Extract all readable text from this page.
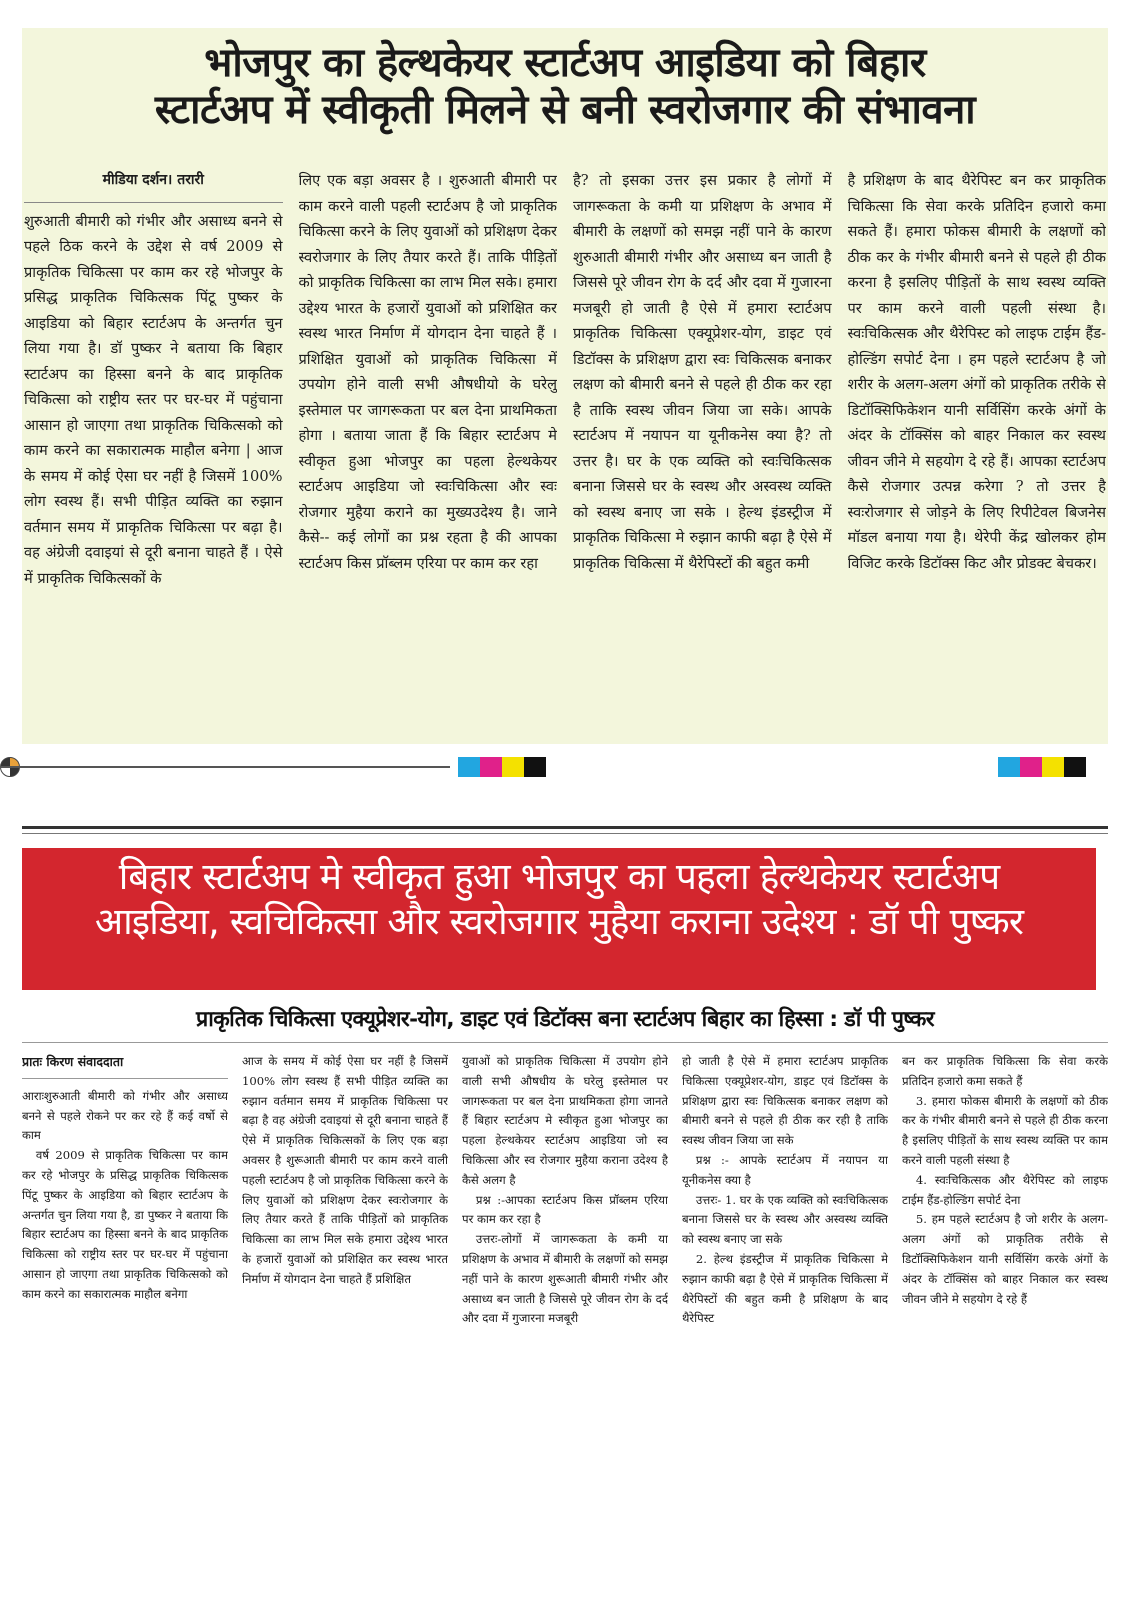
भोजपुर का हेल्थकेयर स्टार्टअप आइडिया को बिहार
स्टार्टअप में स्वीकृती मिलने से बनी स्वरोजगार की संभावना
मीडिया दर्शन। तरारी

शुरुआती बीमारी को गंभीर और असाध्य बनने से पहले ठिक करने के उद्देश से वर्ष 2009 से प्राकृतिक चिकित्सा पर काम कर रहे भोजपुर के प्रसिद्ध प्राकृतिक चिकित्सक पिंटू पुष्कर के आइडिया को बिहार स्टार्टअप के अन्तर्गत चुन लिया गया है। डॉ पुष्कर ने बताया कि बिहार स्टार्टअप का हिस्सा बनने के बाद प्राकृतिक चिकित्सा को राष्ट्रीय स्तर पर घर-घर में पहुंचाना आसान हो जाएगा तथा प्राकृतिक चिकित्सको को काम करने का सकारात्मक माहौल बनेगा | आज के समय में कोई ऐसा घर नहीं है जिसमें 100% लोग स्वस्थ हैं। सभी पीड़ित व्यक्ति का रुझान वर्तमान समय में प्राकृतिक चिकित्सा पर बढ़ा है। वह अंग्रेजी दवाइयां से दूरी बनाना चाहते हैं । ऐसे में प्राकृतिक चिकित्सकों के

लिए एक बड़ा अवसर है । शुरुआती बीमारी पर काम करने वाली पहली स्टार्टअप है जो प्राकृतिक चिकित्सा करने के लिए युवाओं को प्रशिक्षण देकर स्वरोजगार के लिए तैयार करते हैं। ताकि पीड़ितों को प्राकृतिक चिकित्सा का लाभ मिल सके। हमारा उद्देश्य भारत के हजारों युवाओं को प्रशिक्षित कर स्वस्थ भारत निर्माण में योगदान देना चाहते हैं । प्रशिक्षित युवाओं को प्राकृतिक चिकित्सा में उपयोग होने वाली सभी औषधीयो के घरेलु इस्तेमाल पर जागरूकता पर बल देना प्राथमिकता होगा । बताया जाता हैं कि बिहार स्टार्टअप मे स्वीकृत हुआ भोजपुर का पहला हेल्थकेयर स्टार्टअप आइडिया जो स्वःचिकित्सा और स्वः रोजगार मुहैया कराने का मुख्यउदेश्य है। जाने कैसे-- कई लोगों का प्रश्न रहता है की आपका स्टार्टअप किस प्रॉब्लम एरिया पर काम कर रहा

है? तो इसका उत्तर इस प्रकार है लोगों में जागरूकता के कमी या प्रशिक्षण के अभाव में बीमारी के लक्षणों को समझ नहीं पाने के कारण शुरुआती बीमारी गंभीर और असाध्य बन जाती है जिससे पूरे जीवन रोग के दर्द और दवा में गुजारना मजबूरी हो जाती है ऐसे में हमारा स्टार्टअप प्राकृतिक चिकित्सा एक्यूप्रेशर-योग, डाइट एवं डिटॉक्स के प्रशिक्षण द्वारा स्वः चिकित्सक बनाकर लक्षण को बीमारी बनने से पहले ही ठीक कर रहा है ताकि स्वस्थ जीवन जिया जा सके। आपके स्टार्टअप में नयापन या यूनीकनेस क्या है? तो उत्तर है। घर के एक व्यक्ति को स्वःचिकित्सक बनाना जिससे घर के स्वस्थ और अस्वस्थ व्यक्ति को स्वस्थ बनाए जा सके । हेल्थ इंडस्ट्रीज में प्राकृतिक चिकित्सा मे रुझान काफी बढ़ा है ऐसे में प्राकृतिक चिकित्सा में थैरेपिस्टों की बहुत कमी

है प्रशिक्षण के बाद थैरेपिस्ट बन कर प्राकृतिक चिकित्सा कि सेवा करके प्रतिदिन हजारो कमा सकते हैं। हमारा फोकस बीमारी के लक्षणों को ठीक कर के गंभीर बीमारी बनने से पहले ही ठीक करना है इसलिए पीड़ितों के साथ स्वस्थ व्यक्ति पर काम करने वाली पहली संस्था है। स्वःचिकित्सक और थैरेपिस्ट को लाइफ टाईम हैंड-होल्डिंग सपोर्ट देना । हम पहले स्टार्टअप है जो शरीर के अलग-अलग अंगों को प्राकृतिक तरीके से डिटॉक्सिफिकेशन यानी सर्विसिंग करके अंगों के अंदर के टॉक्सिंस को बाहर निकाल कर स्वस्थ जीवन जीने मे सहयोग दे रहे हैं। आपका स्टार्टअप कैसे रोजगार उत्पन्न करेगा ? तो उत्तर है स्वःरोजगार से जोड़ने के लिए रिपीटेवल बिजनेस मॉडल बनाया गया है। थेरेपी केंद्र खोलकर होम विजिट करके डिटॉक्स किट और प्रोडक्ट बेचकर।

बिहार स्टार्टअप मे स्वीकृत हुआ भोजपुर का पहला हेल्थकेयर स्टार्टअप
आइडिया, स्वचिकित्सा और स्वरोजगार मुहैया कराना उदेश्य : डॉ पी पुष्कर
प्राकृतिक चिकित्सा एक्यूप्रेशर-योग, डाइट एवं डिटॉक्स बना स्टार्टअप बिहार का हिस्सा : डॉ पी पुष्कर
प्रातः किरण संवाददाता

आराःशुरुआती बीमारी को गंभीर और असाध्य बनने से पहले रोकने पर कर रहे हैं कई वर्षो से काम

वर्ष 2009 से प्राकृतिक चिकित्सा पर काम कर रहे भोजपुर के प्रसिद्ध प्राकृतिक चिकित्सक पिंटू पुष्कर के आइडिया को बिहार स्टार्टअप के अन्तर्गत चुन लिया गया है, डा पुष्कर ने बताया कि बिहार स्टार्टअप का हिस्सा बनने के बाद प्राकृतिक चिकित्सा को राष्ट्रीय स्तर पर घर-घर में पहुंचाना आसान हो जाएगा तथा प्राकृतिक चिकित्सको को काम करने का सकारात्मक माहौल बनेगा

आज के समय में कोई ऐसा घर नहीं है जिसमें 100% लोग स्वस्थ हैं सभी पीड़ित व्यक्ति का रुझान वर्तमान समय में प्राकृतिक चिकित्सा पर बढ़ा है वह अंग्रेजी दवाइयां से दूरी बनाना चाहते हैं ऐसे में प्राकृतिक चिकित्सकों के लिए एक बड़ा अवसर है शुरूआती बीमारी पर काम करने वाली पहली स्टार्टअप है जो प्राकृतिक चिकित्सा करने के लिए युवाओं को प्रशिक्षण देकर स्वःरोजगार के लिए तैयार करते हैं ताकि पीड़ितों को प्राकृतिक चिकित्सा का लाभ मिल सके हमारा उद्देश्य भारत के हजारों युवाओं को प्रशिक्षित कर स्वस्थ भारत निर्माण में योगदान देना चाहते हैं प्रशिक्षित

युवाओं को प्राकृतिक चिकित्सा में उपयोग होने वाली सभी औषधीय के घरेलु इस्तेमाल पर जागरूकता पर बल देना प्राथमिकता होगा जानते हैं बिहार स्टार्टअप मे स्वीकृत हुआ भोजपुर का पहला हेल्थकेयर स्टार्टअप आइडिया जो स्व चिकित्सा और स्व रोजगार मुहैया कराना उदेश्य है कैसे अलग है

प्रश्न :-आपका स्टार्टअप किस प्रॉब्लम एरिया पर काम कर रहा है

उत्तरः-लोगों में जागरूकता के कमी या प्रशिक्षण के अभाव में बीमारी के लक्षणों को समझ नहीं पाने के कारण शुरूआती बीमारी गंभीर और असाध्य बन जाती है जिससे पूरे जीवन रोग के दर्द और दवा में गुजारना मजबूरी

हो जाती है ऐसे में हमारा स्टार्टअप प्राकृतिक चिकित्सा एक्यूप्रेशर-योग, डाइट एवं डिटॉक्स के प्रशिक्षण द्वारा स्वः चिकित्सक बनाकर लक्षण को बीमारी बनने से पहले ही ठीक कर रही है ताकि स्वस्थ जीवन जिया जा सके

प्रश्न :- आपके स्टार्टअप में नयापन या यूनीकनेस क्या है

उत्तरः- 1. घर के एक व्यक्ति को स्वःचिकित्सक बनाना जिससे घर के स्वस्थ और अस्वस्थ व्यक्ति को स्वस्थ बनाए जा सके

2. हेल्थ इंडस्ट्रीज में प्राकृतिक चिकित्सा मे रुझान काफी बढ़ा है ऐसे में प्राकृतिक चिकित्सा में थैरेपिस्टों की बहुत कमी है प्रशिक्षण के बाद थैरेपिस्ट

बन कर प्राकृतिक चिकित्सा कि सेवा करके प्रतिदिन हजारो कमा सकते हैं

3. हमारा फोकस बीमारी के लक्षणों को ठीक कर के गंभीर बीमारी बनने से पहले ही ठीक करना है इसलिए पीड़ितों के साथ स्वस्थ व्यक्ति पर काम करने वाली पहली संस्था है

4. स्वःचिकित्सक और थैरेपिस्ट को लाइफ टाईम हैंड-होल्डिंग सपोर्ट देना

5. हम पहले स्टार्टअप है जो शरीर के अलग-अलग अंगों को प्राकृतिक तरीके से डिटॉक्सिफिकेशन यानी सर्विसिंग करके अंगों के अंदर के टॉक्सिंस को बाहर निकाल कर स्वस्थ जीवन जीने मे सहयोग दे रहे हैं
